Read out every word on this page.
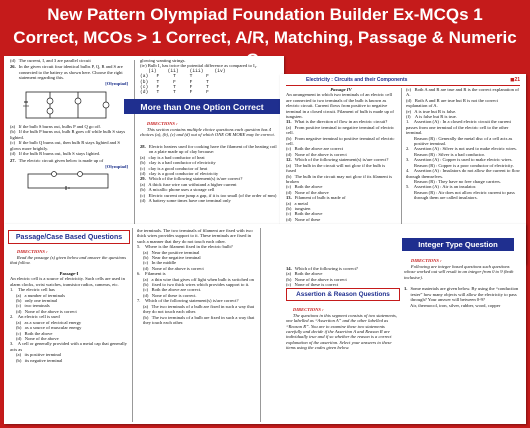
New Pattern Olympiad Foundation Builder Ex-MCQs 1
Correct, MCOs > 1 Correct, A/R, Matching, Passage & Numeric
(d)   The current, I, and 3 are parallel circuit
26. In the given circuit four identical bulbs P, Q, R and S are connected to the battery as shown here. Choose the right statement regarding this.
[Olympiad]
(a)   If the bulb S burns out, bulbs P and Q go off.
(b)   If the bulb P burns out, bulb R goes off while bulb S stays lighted.
(c)   If the bulb Q burns out, then bulb R stays lighted and S glows more brightly.
(d)   If the bulb R burns out, bulb S stays lighted.
27. The electric circuit given below is made up of
[Olympiad]
glowing wanting strings.
(iv) Bulb I₁ has twice the potential difference as compared to I₂.
(i)    (ii)    (iii)    (iv)
(a)   F     T     T     F
(b)   T     F     F     T
(c)   F     T     F     T
(d)   T     T     F     F
More than One Option Correct

DIRECTIONS :
This section contains multiple choice questions each question has 4 choices (a), (b), (c) and (d) out of which ONE OR MORE may be correct.

28. Electric heaters used for cooking have the filament of the heating coil on a plate made up of clay because:
(a)   clay is a bad conductor of heat
(b)   clay is a bad conductor of electricity
(c)   clay is a good conductor of heat
(d)   clay is a good conductor of electricity
29. Which of the following statement(s) is/are correct?
(a)   A thick fuse wire can withstand a higher current
(b)   A micallic phone uses a storage cell
(c)   Electric current one jump a gap, if it is too small (of the order of mm)
(d)   A battery some times have one terminal only
Electricity : Circuits and their Components	◼21
Passage IV
An arrangement in which two terminals of an electric cell are connected to two terminals of the bulb is known as electric circuit. Current flows from positive to negative terminal in a closed circuit. Filament of bulb is made up of tungsten.
11. What is the direction of flow in an electric circuit?
(a)   From positive terminal to negative terminal of electric cell.
(b)   From negative terminal to positive terminal of electric cell.
(c)   Both the above are correct
(d)   None of the above is correct
12. Which of the following statement(s) is/are correct?
(a)   The bulb in the circuit will not glow if the bulb is fused
(b)   The bulb in the circuit may not glow if its filament is broken
(c)   Both the above
(d)   None of the above
13. Filament of bulb is made of
(a)   a metal
(b)   tungsten
(c)   Both the above
(d)   None of these
(c)   Both A and R are true and R is the correct explanation of A.
(d)   Both A and R are true but R is not the correct explanation of A.
(e)   A is true but R is false.
(f)    A is false but R is true.
1.    Assertion (A) : In a closed electric circuit the current passes from one terminal of the electric cell to the other terminal.
Reason (R) : Generally the metal disc of a cell acts as positive terminal.
2.    Assertion (A) : Silver is not used to make electric wires.
Reason (R) : Silver is a bad conductor.
3.    Assertion (A) : Copper is used to make electric wires.
Reason (R) : Copper is a poor conductor of electricity.
4.    Assertion (A) : Insulators do not allow the current to flow through themselves.
Reason (R) : They have no free charge carriers.
5.    Assertion (A) : Air is an insulator.
Reason (R) : Air does not allow electric current to pass through them are called insulators.
Passage/Case Based Questions

DIRECTIONS :
Read the passage (s) given below and answer the questions that follow.

Passage-I
An electric cell is a source of electricity. Such cells are used in alarm clocks, wrist watches, transistor radios, cameras, etc.
1.    The electric cell has
(a)   a number of terminals
(b)   only one terminal
(c)   two terminals
(d)   None of the above is correct
2.    An electric cell is used
(a)   as a source of electrical energy
(b)   as a source of muscular energy
(c)   Both the above
(d)   None of the above
3.    A cell or generally provided with a metal cap that generally acts as
(a)   its positive terminal
(b)   its negative terminal
the terminals. The two terminals of filament are fixed with two thick wires provides support to it. These terminals are fixed in such a manner that they do not touch each other.
5.    Where is the filament fixed in the electric bulb?
(a)   Near the positive terminal
(b)   Near the negative terminal
(c)   In the middle
(d)   None of the above is correct
6.    Filament is
(a)   a thin wire that gives off light when bulb is switched on
(b)   fixed to two thick wires which provides support to it.
(c)   Both the above are correct.
(d)   None of these is correct.
7.    Which of the following statement(s) is/are correct?
(a)   The two terminals of a bulb are fixed in such a way that they do not touch each other.
(b)   The two terminals of a bulb are fixed in such a way that they touch each other.
14. Which of the following is correct?
(a)   Both the above
(b)   None of the above is correct
(c)   None of these is correct
Assertion & Reason Questions

DIRECTIONS :
The questions in this segment consists of two statements, one labelled as “Assertion A” and the other labelled as “Reason R”. You are to examine these two statements carefully and decide if the Assertion A and Reason R are individually true and if so whether the reason is a correct explanation of the assertion. Select your answers to these items using the codes given below.

Integer Type Question

DIRECTIONS :
Following are integer based questions such questions whose worked out will result in an integer from 0 to 9 (both inclusive).

1. Some materials are given below. By using the “conduction tester” how many objects will allow the electricity to pass through? Your answer will between 0-9?
Air, thermocol, iron, silver, rubber, wood, copper
